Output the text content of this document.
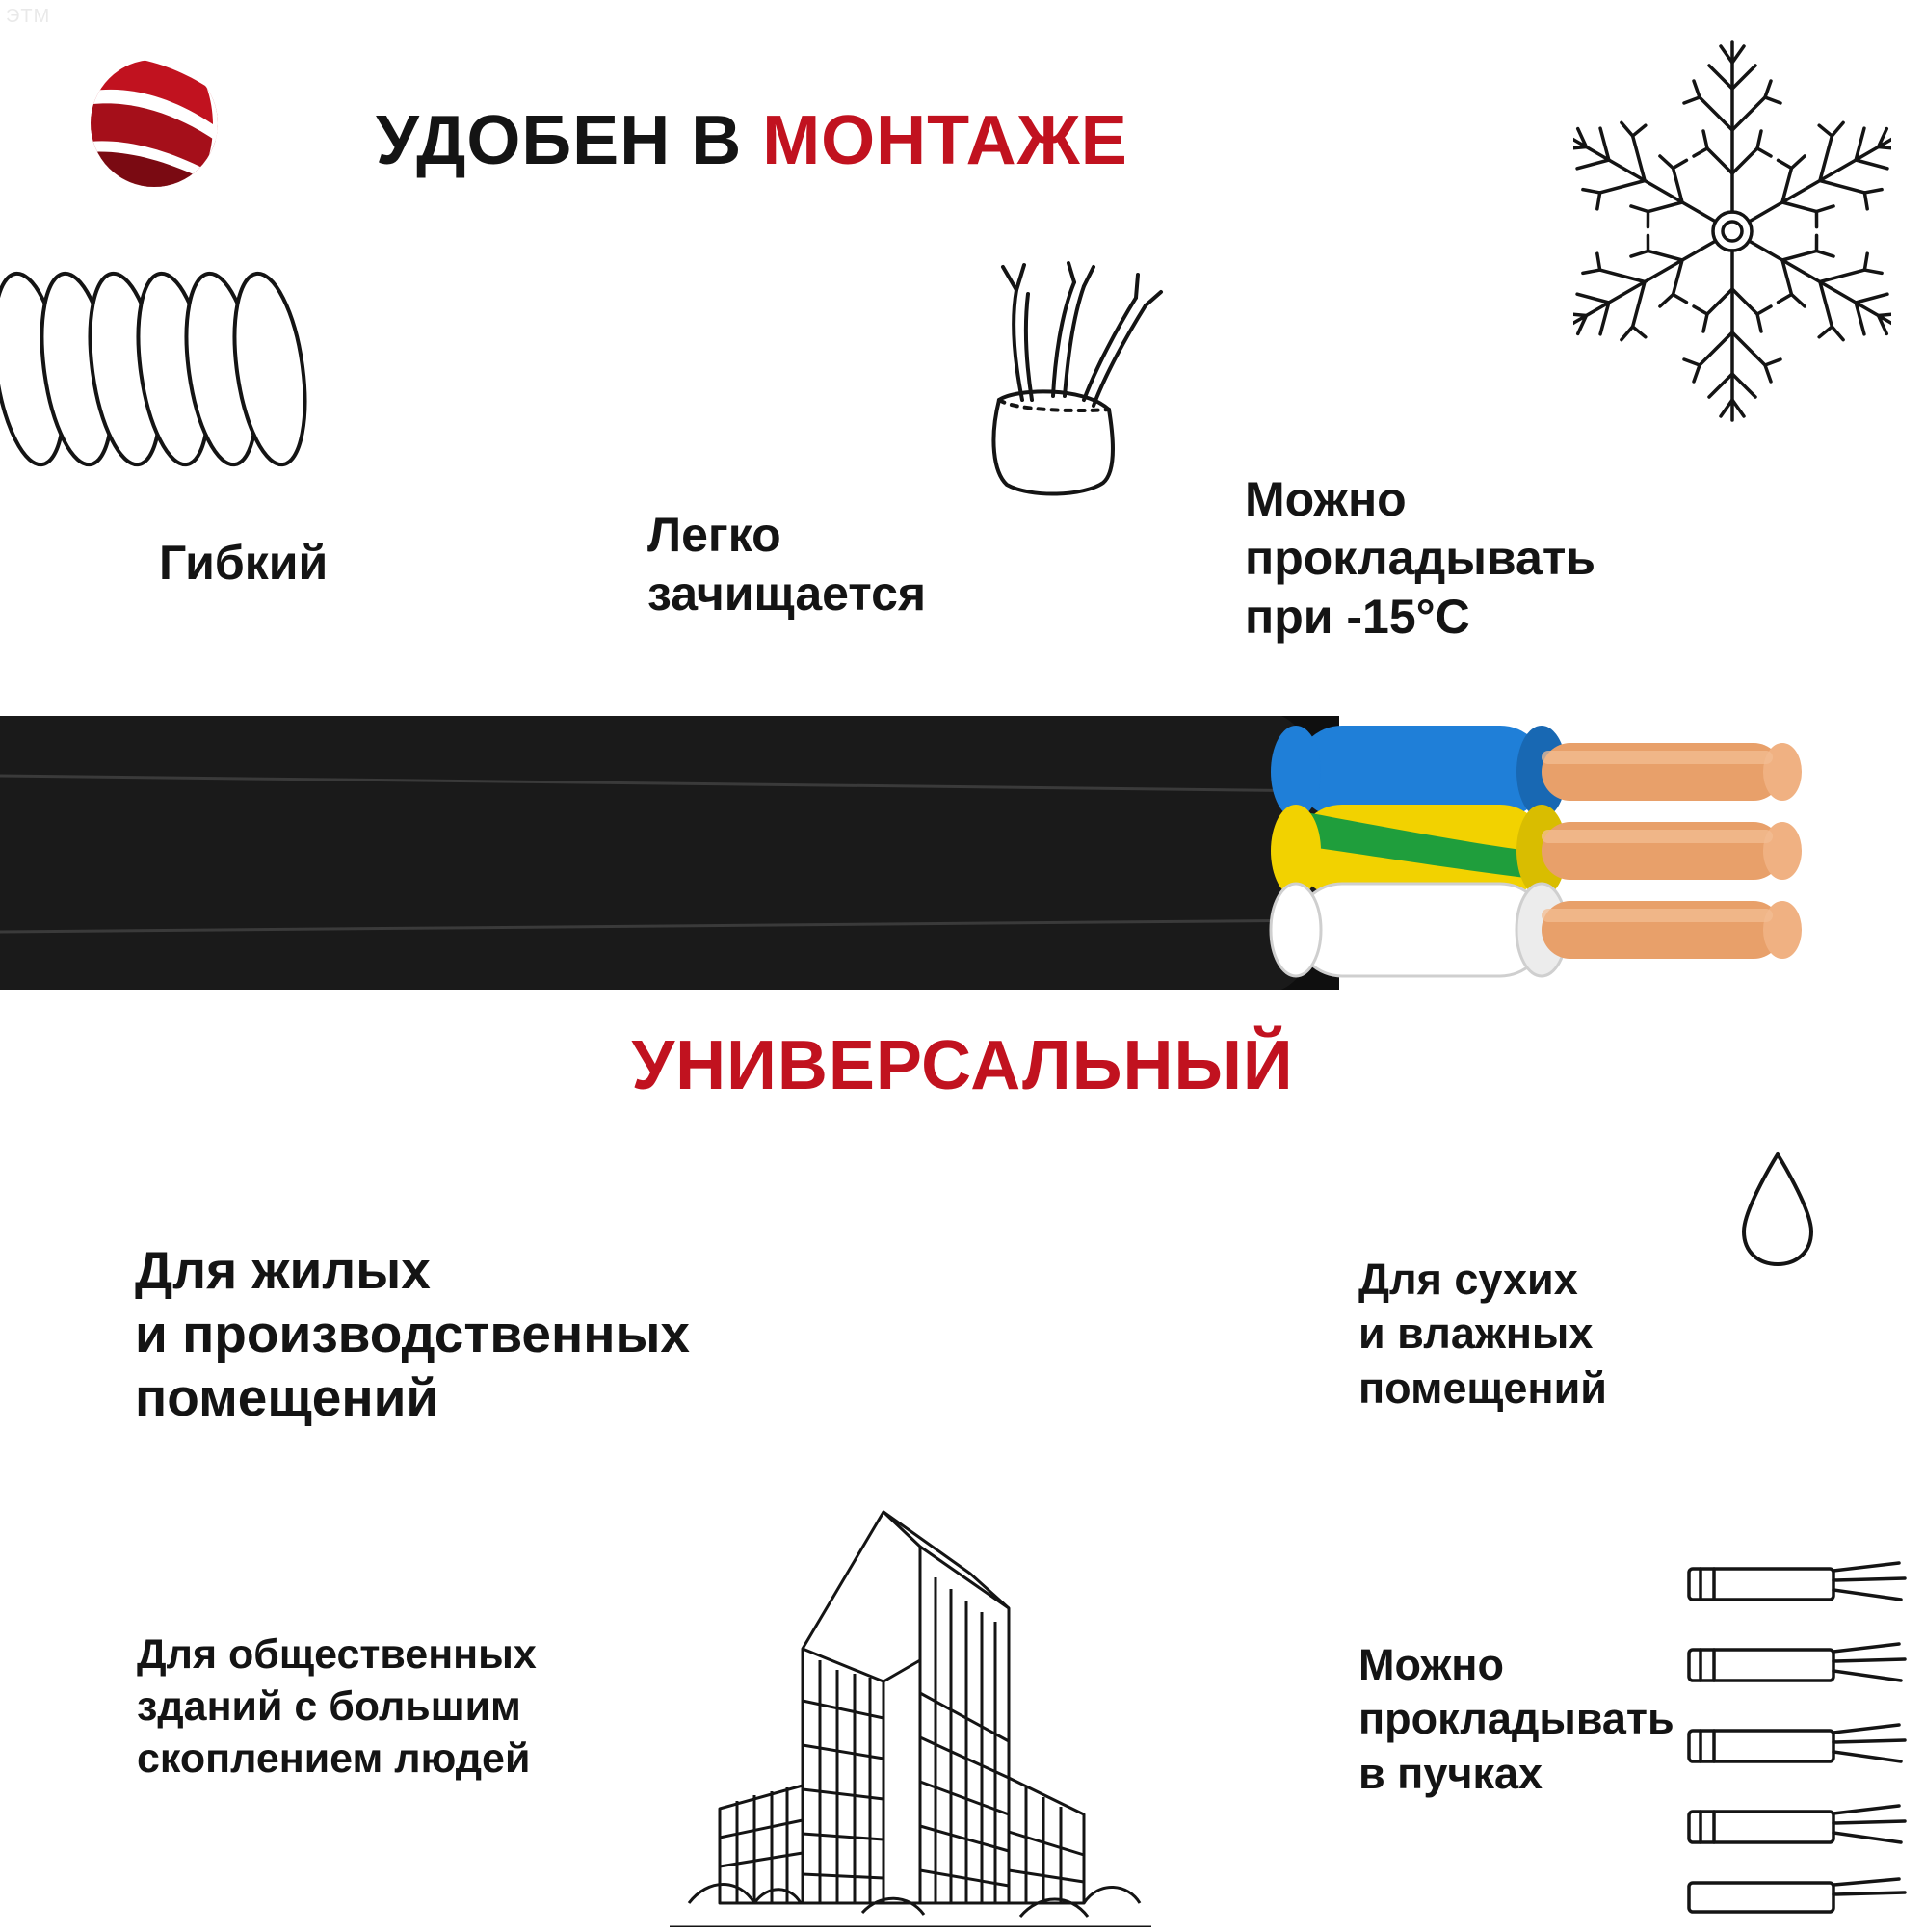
ЭТМ
УДОБЕН В МОНТАЖЕ
Гибкий
Легко
зачищается
Можно
прокладывать
при -15°C
УНИВЕРСАЛЬНЫЙ
Для жилых
и производственных
помещений
Для общественных
зданий с большим
скоплением людей
Для сухих
и влажных
помещений
Можно
прокладывать
в пучках
